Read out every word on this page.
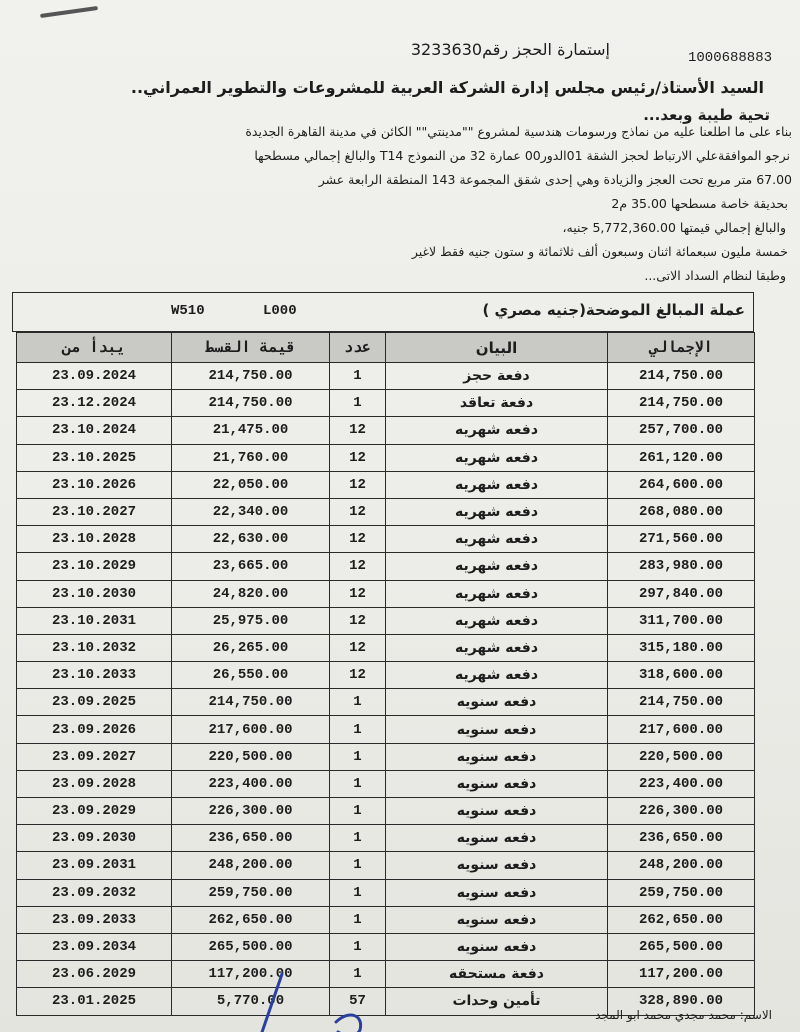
1000688883
إستمارة الحجز رقم3233630
السيد الأستاذ/رئيس مجلس إدارة الشركة العربية للمشروعات والتطوير العمراني..
تحية طيبة وبعد...
بناء على ما اطلعنا عليه من نماذج ورسومات هندسية لمشروع ""مدينتي"" الكائن في مدينة القاهرة الجديدة
نرجو الموافقةعلي الارتباط لحجز الشقة 01الدور00 عمارة 32 من النموذج T14 والبالغ إجمالي مسطحها
67.00 متر مربع تحت العجز والزيادة وهي إحدى شقق المجموعة 143 المنطقة الرابعة عشر
بحديقة خاصة مسطحها 35.00 م2
والبالغ إجمالي قيمتها 5,772,360.00 جنيه،
خمسة مليون سبعمائة اثنان وسبعون ألف ثلاثمائة و ستون جنيه فقط لاغير
وطبقا لنظام السداد الاتى...
W510	L000	عملة المبالغ الموضحة(جنيه مصري )
يبدأ من	قيمة القسط	عدد	البيان	الإجمالي
23.09.2024	214,750.00	1	دفعة حجز	214,750.00
23.12.2024	214,750.00	1	دفعة تعاقد	214,750.00
23.10.2024	21,475.00	12	دفعه شهريه	257,700.00
23.10.2025	21,760.00	12	دفعه شهريه	261,120.00
23.10.2026	22,050.00	12	دفعه شهريه	264,600.00
23.10.2027	22,340.00	12	دفعه شهريه	268,080.00
23.10.2028	22,630.00	12	دفعه شهريه	271,560.00
23.10.2029	23,665.00	12	دفعه شهريه	283,980.00
23.10.2030	24,820.00	12	دفعه شهريه	297,840.00
23.10.2031	25,975.00	12	دفعه شهريه	311,700.00
23.10.2032	26,265.00	12	دفعه شهريه	315,180.00
23.10.2033	26,550.00	12	دفعه شهريه	318,600.00
23.09.2025	214,750.00	1	دفعه سنويه	214,750.00
23.09.2026	217,600.00	1	دفعه سنويه	217,600.00
23.09.2027	220,500.00	1	دفعه سنويه	220,500.00
23.09.2028	223,400.00	1	دفعه سنويه	223,400.00
23.09.2029	226,300.00	1	دفعه سنويه	226,300.00
23.09.2030	236,650.00	1	دفعه سنويه	236,650.00
23.09.2031	248,200.00	1	دفعه سنويه	248,200.00
23.09.2032	259,750.00	1	دفعه سنويه	259,750.00
23.09.2033	262,650.00	1	دفعه سنويه	262,650.00
23.09.2034	265,500.00	1	دفعه سنويه	265,500.00
23.06.2029	117,200.00	1	دفعة مستحقه	117,200.00
23.01.2025	5,770.00	57	تأمين وحدات	328,890.00
الاسم: محمد مجدي محمد ابو المجد
